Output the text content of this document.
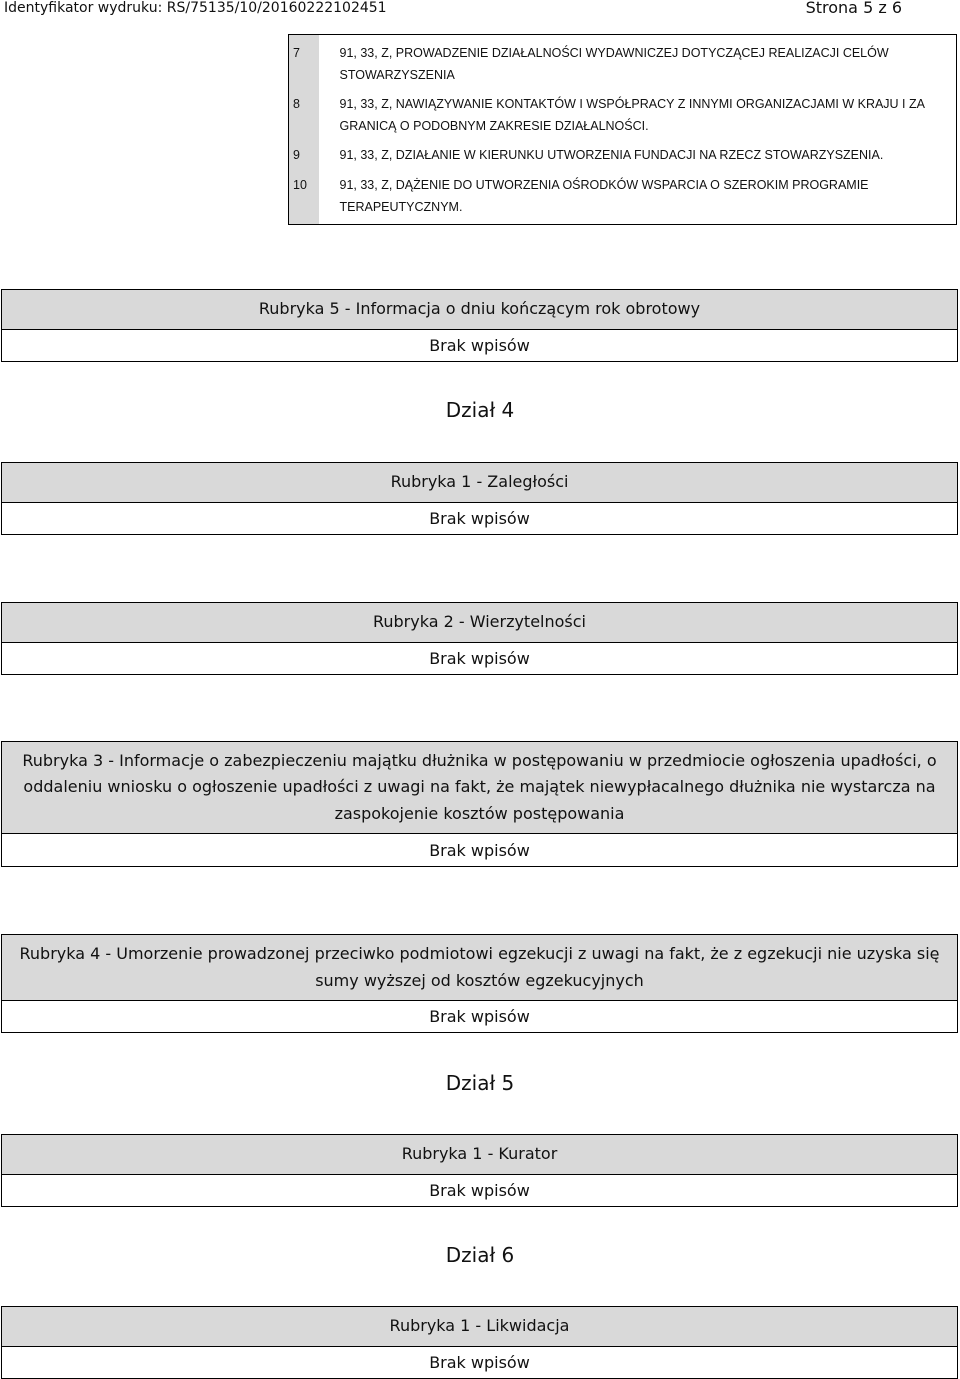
Identyfikator wydruku: RS/75135/10/20160222102451	Strona 5 z 6
7	91, 33, Z, PROWADZENIE DZIAŁALNOŚCI WYDAWNICZEJ DOTYCZĄCEJ REALIZACJI CELÓW STOWARZYSZENIA
8	91, 33, Z, NAWIĄZYWANIE KONTAKTÓW I WSPÓŁPRACY Z INNYMI ORGANIZACJAMI W KRAJU I ZA GRANICĄ O PODOBNYM ZAKRESIE DZIAŁALNOŚCI.
9	91, 33, Z, DZIAŁANIE W KIERUNKU UTWORZENIA FUNDACJI NA RZECZ STOWARZYSZENIA.
10	91, 33, Z, DĄŻENIE DO UTWORZENIA OŚRODKÓW WSPARCIA O SZEROKIM PROGRAMIE TERAPEUTYCZNYM.
Rubryka 5 - Informacja o dniu kończącym rok obrotowy
Brak wpisów
Dział 4
Rubryka 1 - Zaległości
Brak wpisów
Rubryka 2 - Wierzytelności
Brak wpisów
Rubryka 3 - Informacje o zabezpieczeniu majątku dłużnika w postępowaniu w przedmiocie ogłoszenia upadłości, o oddaleniu wniosku o ogłoszenie upadłości z uwagi na fakt, że majątek niewypłacalnego dłużnika nie wystarcza na zaspokojenie kosztów postępowania
Brak wpisów
Rubryka 4 - Umorzenie prowadzonej przeciwko podmiotowi egzekucji z uwagi na fakt, że z egzekucji nie uzyska się sumy wyższej od kosztów egzekucyjnych
Brak wpisów
Dział 5
Rubryka 1 - Kurator
Brak wpisów
Dział 6
Rubryka 1 - Likwidacja
Brak wpisów
